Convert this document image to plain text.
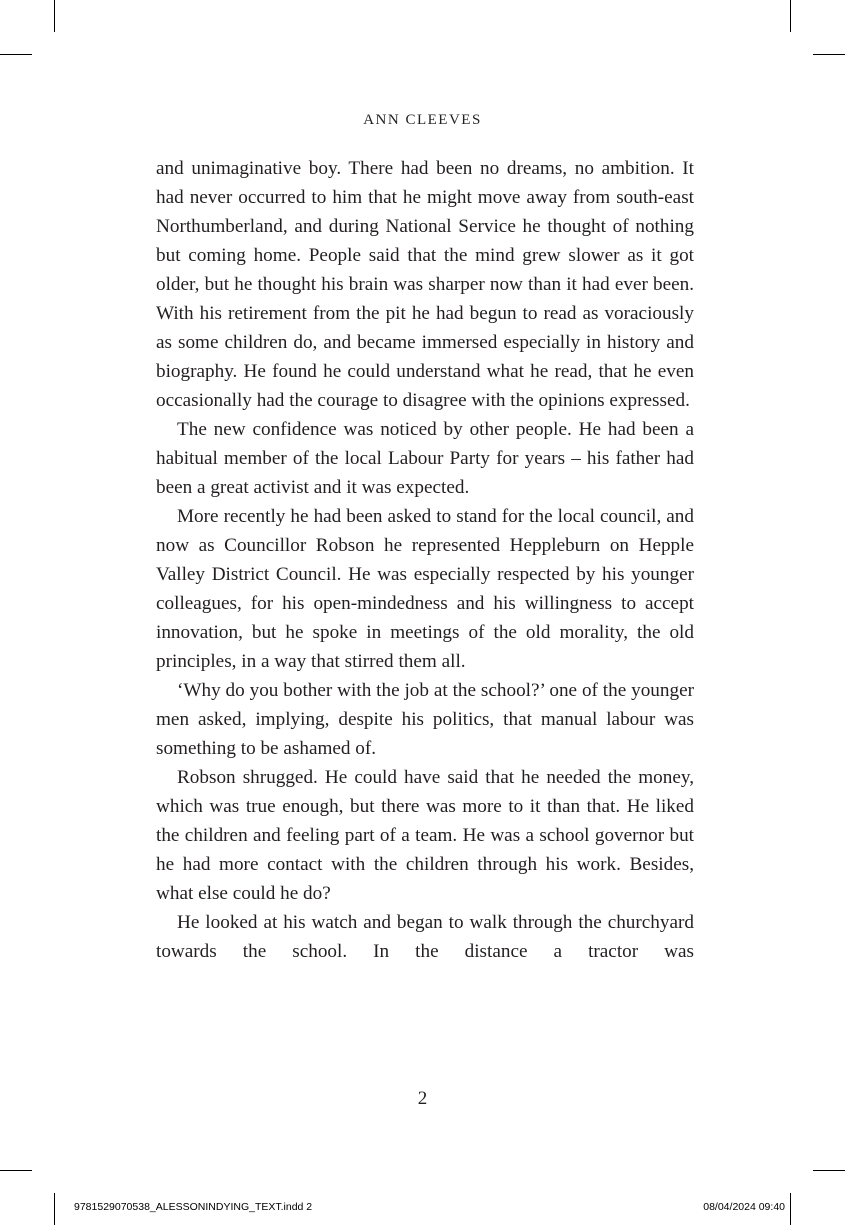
ANN CLEEVES

and unimaginative boy. There had been no dreams, no ambition. It had never occurred to him that he might move away from south-east Northumberland, and during National Service he thought of nothing but coming home. People said that the mind grew slower as it got older, but he thought his brain was sharper now than it had ever been. With his retirement from the pit he had begun to read as voraciously as some children do, and became immersed especially in history and biography. He found he could understand what he read, that he even occasionally had the courage to disagree with the opinions expressed.

The new confidence was noticed by other people. He had been a habitual member of the local Labour Party for years – his father had been a great activist and it was expected.

More recently he had been asked to stand for the local council, and now as Councillor Robson he represented Heppleburn on Hepple Valley District Council. He was especially respected by his younger colleagues, for his open-mindedness and his willingness to accept innovation, but he spoke in meetings of the old morality, the old principles, in a way that stirred them all.

‘Why do you bother with the job at the school?’ one of the younger men asked, implying, despite his politics, that manual labour was something to be ashamed of.

Robson shrugged. He could have said that he needed the money, which was true enough, but there was more to it than that. He liked the children and feeling part of a team. He was a school governor but he had more contact with the children through his work. Besides, what else could he do?

He looked at his watch and began to walk through the churchyard towards the school. In the distance a tractor was

2
9781529070538_ALESSONINDYING_TEXT.indd 2	08/04/2024 09:40
